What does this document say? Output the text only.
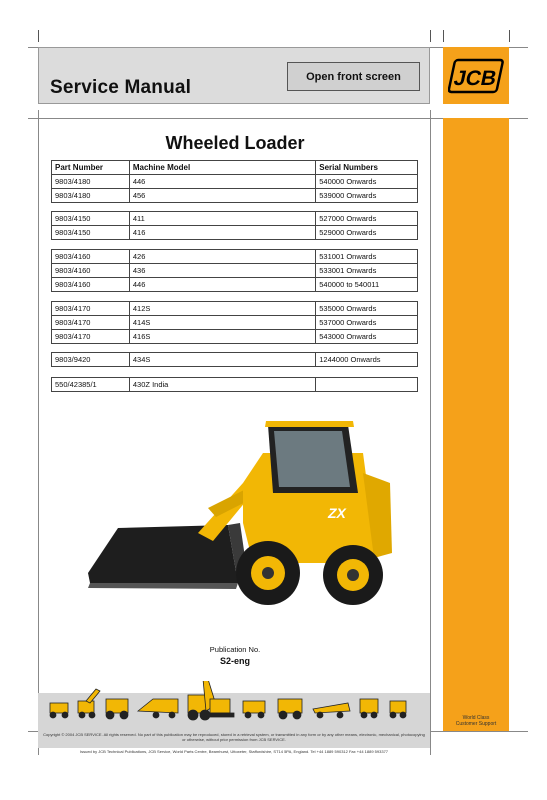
Service Manual
Open front screen	JCB
Wheeled Loader
Part Number	Machine Model	Serial Numbers
9803/4180	446	540000 Onwards
9803/4180	456	539000 Onwards
9803/4150	411	527000 Onwards
9803/4150	416	529000 Onwards
9803/4160	426	531001 Onwards
9803/4160	436	533001 Onwards
9803/4160	446	540000 to 540011
9803/4170	412S	535000 Onwards
9803/4170	414S	537000 Onwards
9803/4170	416S	543000 Onwards
9803/9420	434S	1244000 Onwards
550/42385/1	430Z India	
ZX
Publication No.
S2-eng
Copyright © 2004 JCB SERVICE. All rights reserved. No part of this publication may be reproduced, stored in a retrieval system, or transmitted in any form or by any other means, electronic, mechanical, photocopying or otherwise, without prior permission from JCB SERVICE.
Issued by JCB Technical Publications, JCB Service, World Parts Centre, Beamhurst, Uttoxeter, Staffordshire, ST14 5PA, England. Tel +44 1889 590312 Fax +44 1889 593377
World Class
Customer Support
